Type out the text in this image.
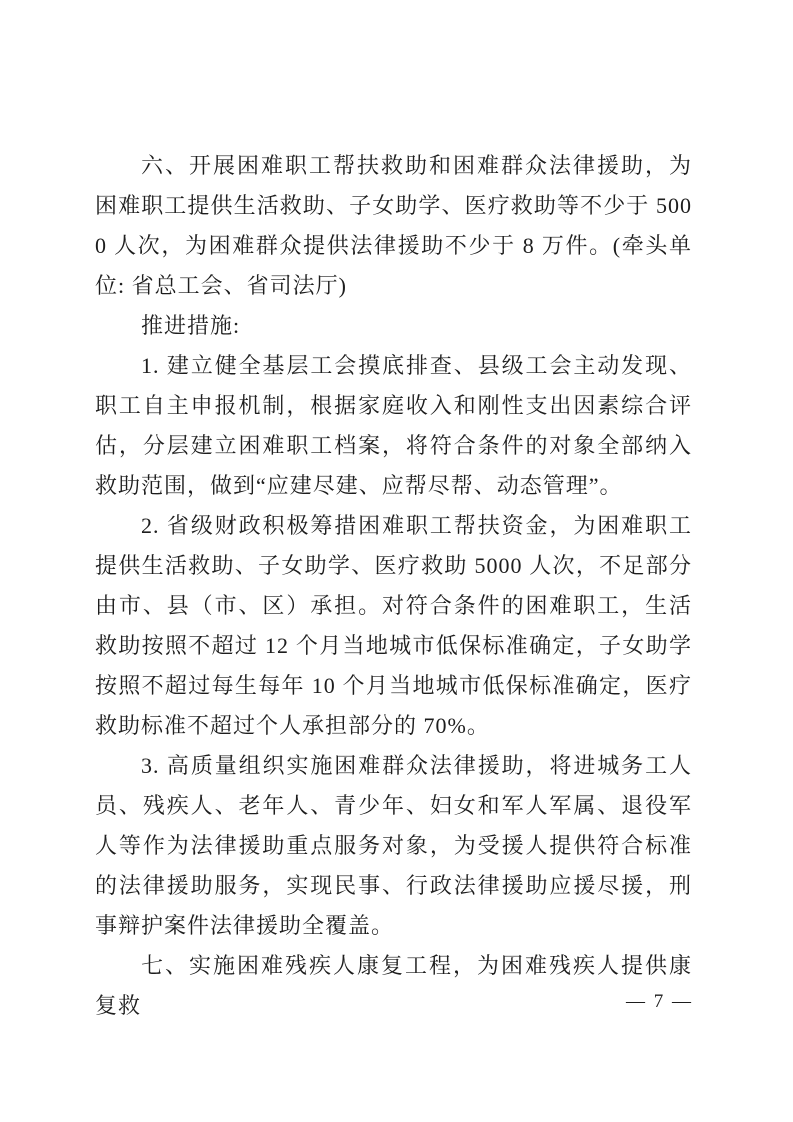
六、开展困难职工帮扶救助和困难群众法律援助，为困难职工提供生活救助、子女助学、医疗救助等不少于 5000 人次，为困难群众提供法律援助不少于 8 万件。(牵头单位: 省总工会、省司法厅)

推进措施:

1. 建立健全基层工会摸底排查、县级工会主动发现、职工自主申报机制，根据家庭收入和刚性支出因素综合评估，分层建立困难职工档案，将符合条件的对象全部纳入救助范围，做到“应建尽建、应帮尽帮、动态管理”。

2. 省级财政积极筹措困难职工帮扶资金，为困难职工提供生活救助、子女助学、医疗救助 5000 人次，不足部分由市、县（市、区）承担。对符合条件的困难职工，生活救助按照不超过 12 个月当地城市低保标准确定，子女助学按照不超过每生每年 10 个月当地城市低保标准确定，医疗救助标准不超过个人承担部分的 70%。

3. 高质量组织实施困难群众法律援助，将进城务工人员、残疾人、老年人、青少年、妇女和军人军属、退役军人等作为法律援助重点服务对象，为受援人提供符合标准的法律援助服务，实现民事、行政法律援助应援尽援，刑事辩护案件法律援助全覆盖。

七、实施困难残疾人康复工程，为困难残疾人提供康复救	— 7 —
